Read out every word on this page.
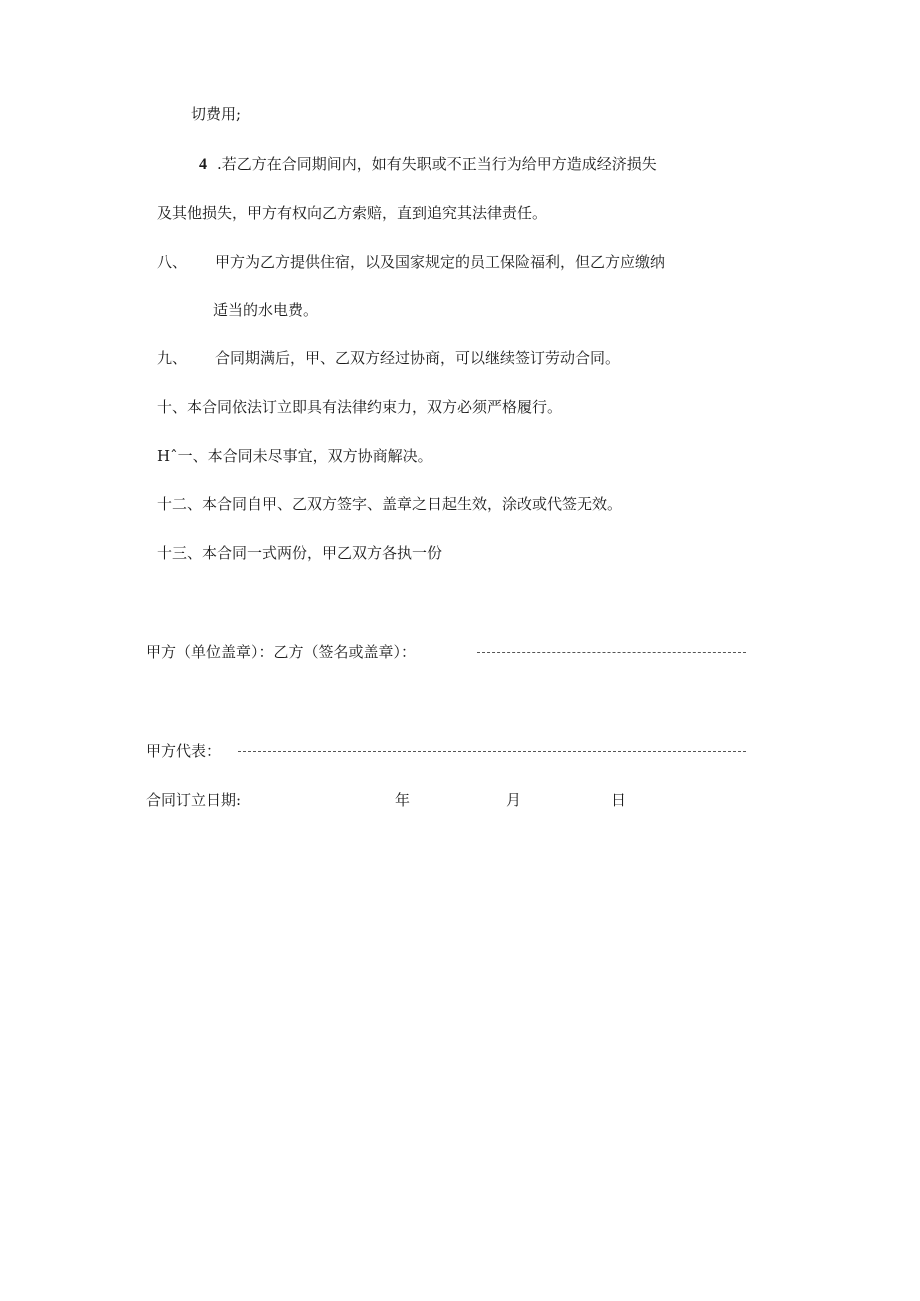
切费用;
4 .若乙方在合同期间内，如有失职或不正当行为给甲方造成经济损失
及其他损失，甲方有权向乙方索赔，直到追究其法律责任。
八、 甲方为乙方提供住宿，以及国家规定的员工保险福利，但乙方应缴纳
适当的水电费。
九、 合同期满后，甲、乙双方经过协商，可以继续签订劳动合同。
十、本合同依法订立即具有法律约束力，双方必须严格履行。
Hˆ一、本合同未尽事宜，双方协商解决。
十二、本合同自甲、乙双方签字、盖章之日起生效，涂改或代签无效。
十三、本合同一式两份，甲乙双方各执一份
甲方（单位盖章）：乙方（签名或盖章）：
甲方代表：
合同订立日期:	年	月	日
